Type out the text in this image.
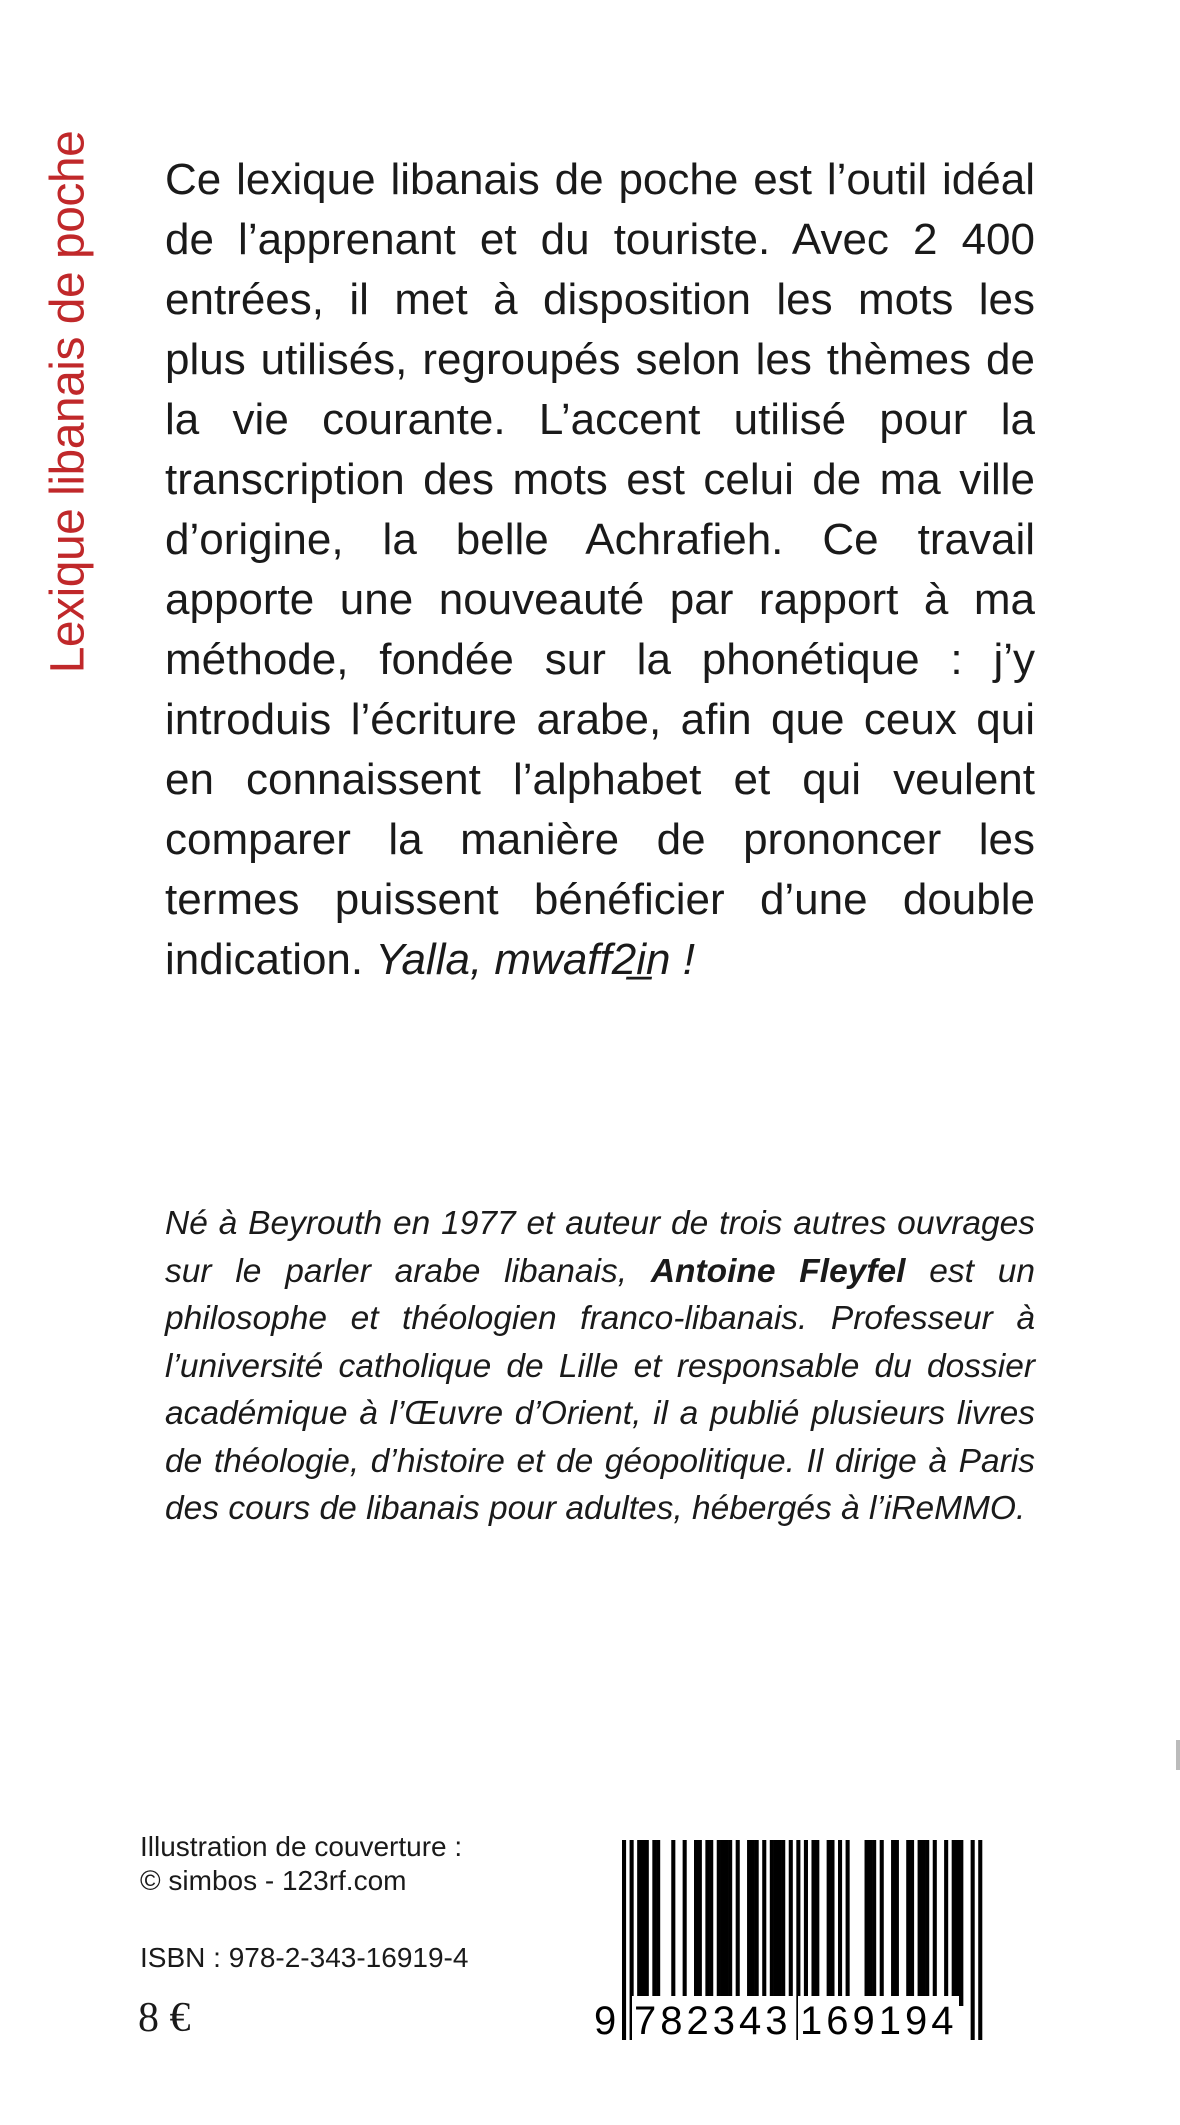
Lexique libanais de poche Ce lexique libanais de poche est l’outil idéal de l’apprenant et du touriste. Avec 2 400 entrées, il met à disposition les mots les plus utilisés, regroupés selon les thèmes de la vie courante. L’accent utilisé pour la transcription des mots est celui de ma ville d’origine, la belle Achrafieh. Ce travail apporte une nouveauté par rapport à ma méthode, fondée sur la phonétique : j’y introduis l’écriture arabe, afin que ceux qui en connaissent l’alphabet et qui veulent comparer la manière de prononcer les termes puissent bénéficier d’une double indication. Yalla, mwaff2i̲n !
Né à Beyrouth en 1977 et auteur de trois autres ouvrages sur le parler arabe libanais, Antoine Fleyfel est un philosophe et théologien franco-libanais. Professeur à l’université catholique de Lille et responsable du dossier académique à l’Œuvre d’Orient, il a publié plusieurs livres de théologie, d’histoire et de géopolitique. Il dirige à Paris des cours de libanais pour adultes, hébergés à l’iReMMO.
Illustration de couverture :
© simbos - 123rf.com
ISBN : 978-2-343-16919-4
8 €	9 782343 169194
